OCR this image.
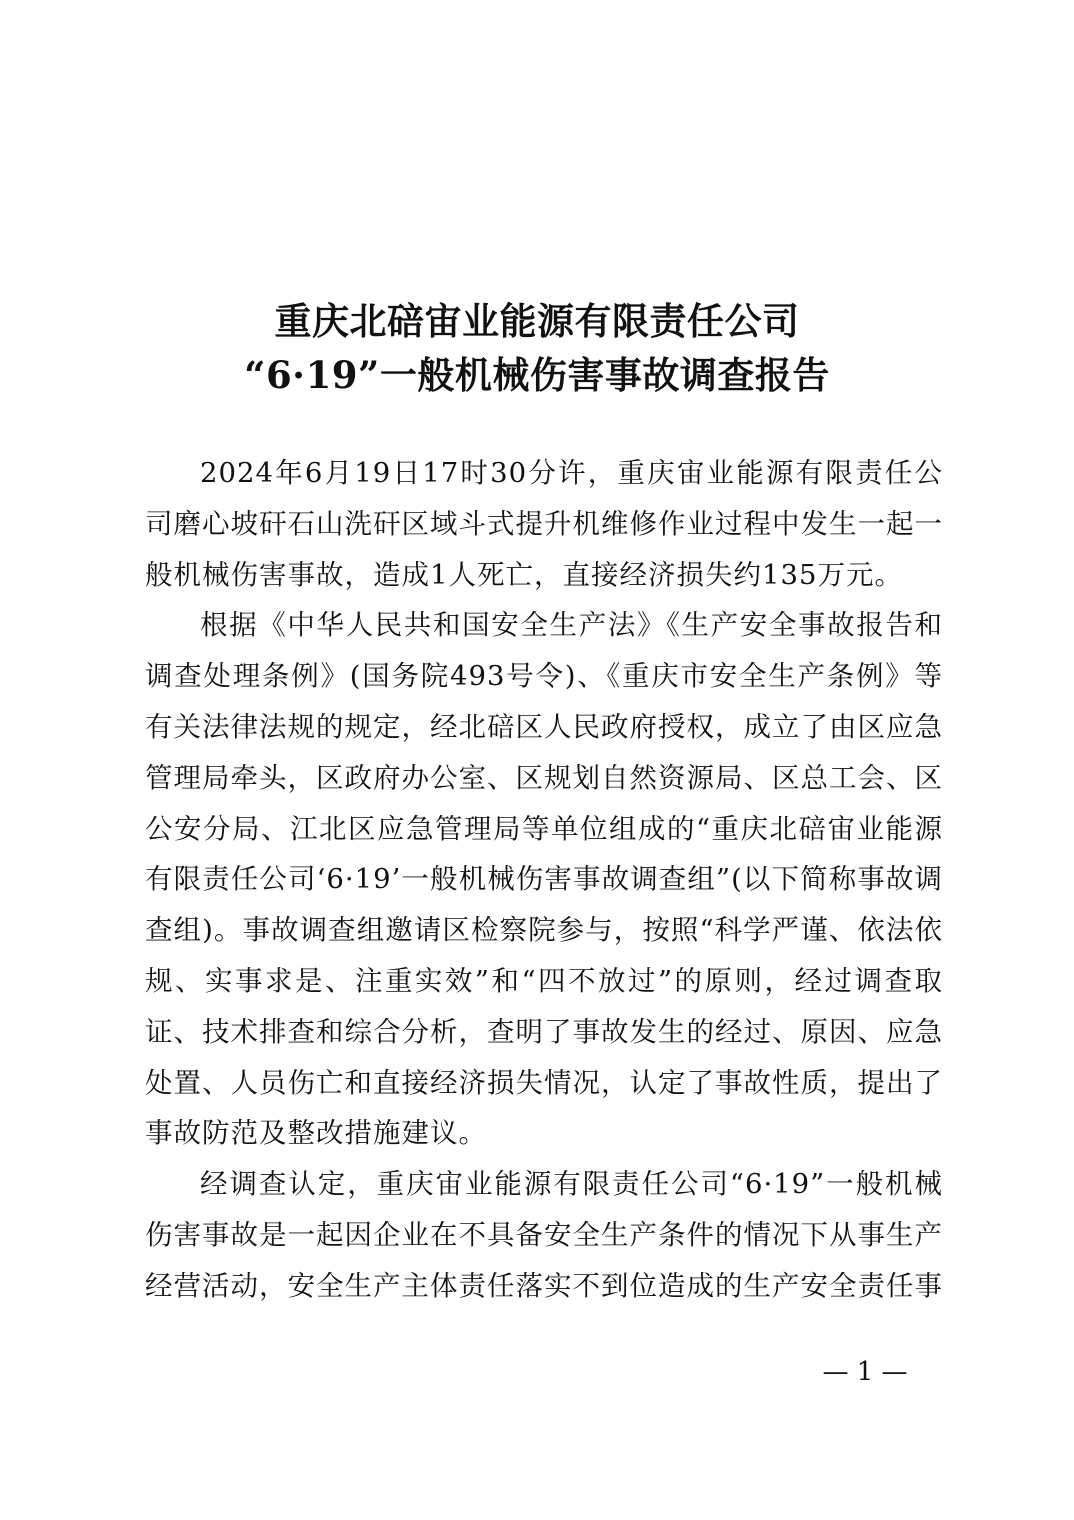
重庆北碚宙业能源有限责任公司
“6·19”一般机械伤害事故调查报告

2024年6月19日17时30分许，重庆宙业能源有限责任公司磨心坡矸石山洗矸区域斗式提升机维修作业过程中发生一起一般机械伤害事故，造成1人死亡，直接经济损失约135万元。

根据《中华人民共和国安全生产法》《生产安全事故报告和调查处理条例》(国务院493号令)、《重庆市安全生产条例》等有关法律法规的规定，经北碚区人民政府授权，成立了由区应急管理局牵头，区政府办公室、区规划自然资源局、区总工会、区公安分局、江北区应急管理局等单位组成的“重庆北碚宙业能源有限责任公司‘6·19’一般机械伤害事故调查组”(以下简称事故调查组)。事故调查组邀请区检察院参与，按照“科学严谨、依法依规、实事求是、注重实效”和“四不放过”的原则，经过调查取证、技术排查和综合分析，查明了事故发生的经过、原因、应急处置、人员伤亡和直接经济损失情况，认定了事故性质，提出了事故防范及整改措施建议。

经调查认定，重庆宙业能源有限责任公司“6·19”一般机械伤害事故是一起因企业在不具备安全生产条件的情况下从事生产经营活动，安全生产主体责任落实不到位造成的生产安全责任事

— 1 —
